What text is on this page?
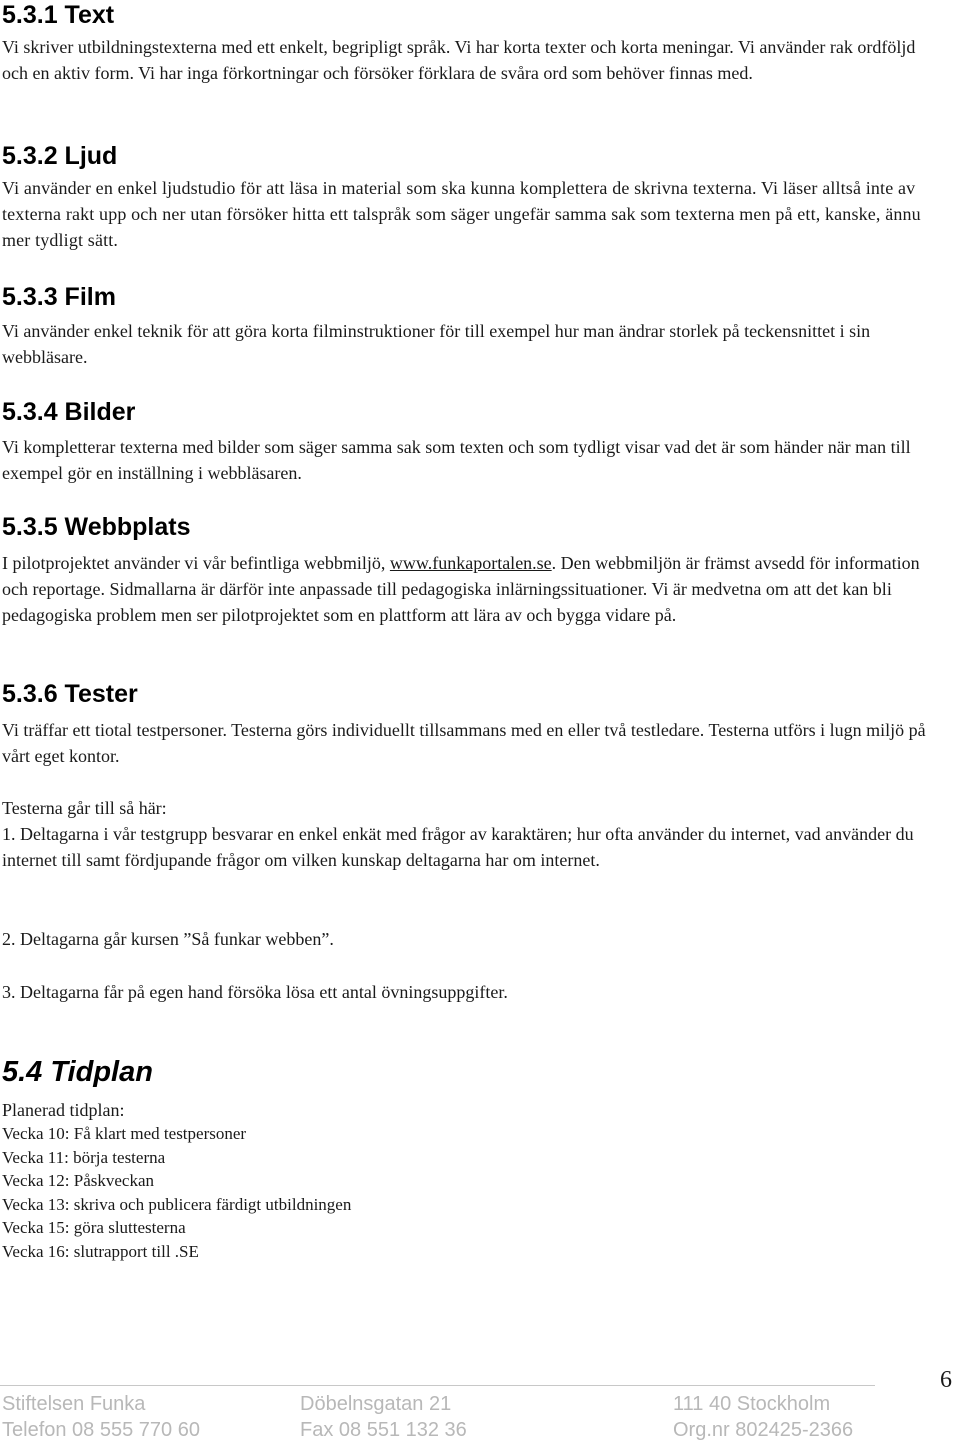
5.3.1 Text

Vi skriver utbildningstexterna med ett enkelt, begripligt språk. Vi har korta texter och korta meningar. Vi använder rak ordföljd och en aktiv form. Vi har inga förkortningar och försöker förklara de svåra ord som behöver finnas med.

5.3.2 Ljud

Vi använder en enkel ljudstudio för att läsa in material som ska kunna komplettera de skrivna texterna. Vi läser alltså inte av texterna rakt upp och ner utan försöker hitta ett talspråk som säger ungefär samma sak som texterna men på ett, kanske, ännu mer tydligt sätt.

5.3.3 Film

Vi använder enkel teknik för att göra korta filminstruktioner för till exempel hur man ändrar storlek på teckensnittet i sin webbläsare.

5.3.4 Bilder

Vi kompletterar texterna med bilder som säger samma sak som texten och som tydligt visar vad det är som händer när man till exempel gör en inställning i webbläsaren.

5.3.5 Webbplats

I pilotprojektet använder vi vår befintliga webbmiljö, www.funkaportalen.se. Den webbmiljön är främst avsedd för information och reportage. Sidmallarna är därför inte anpassade till pedagogiska inlärningssituationer. Vi är medvetna om att det kan bli pedagogiska problem men ser pilotprojektet som en plattform att lära av och bygga vidare på.

5.3.6 Tester

Vi träffar ett tiotal testpersoner. Testerna görs individuellt tillsammans med en eller två testledare. Testerna utförs i lugn miljö på vårt eget kontor.

Testerna går till så här:

1. Deltagarna i vår testgrupp besvarar en enkel enkät med frågor av karaktären; hur ofta använder du internet, vad använder du internet till samt fördjupande frågor om vilken kunskap deltagarna har om internet.

2. Deltagarna går kursen ”Så funkar webben”.

3. Deltagarna får på egen hand försöka lösa ett antal övningsuppgifter.

5.4 Tidplan
Planerad tidplan:
Vecka 10: Få klart med testpersoner
Vecka 11: börja testerna
Vecka 12: Påskveckan
Vecka 13: skriva och publicera färdigt utbildningen
Vecka 15: göra sluttesterna
Vecka 16: slutrapport till .SE
6
Stiftelsen Funka	Döbelnsgatan 21	111 40 Stockholm
Telefon 08 555 770 60	Fax 08 551 132 36	Org.nr 802425-2366
